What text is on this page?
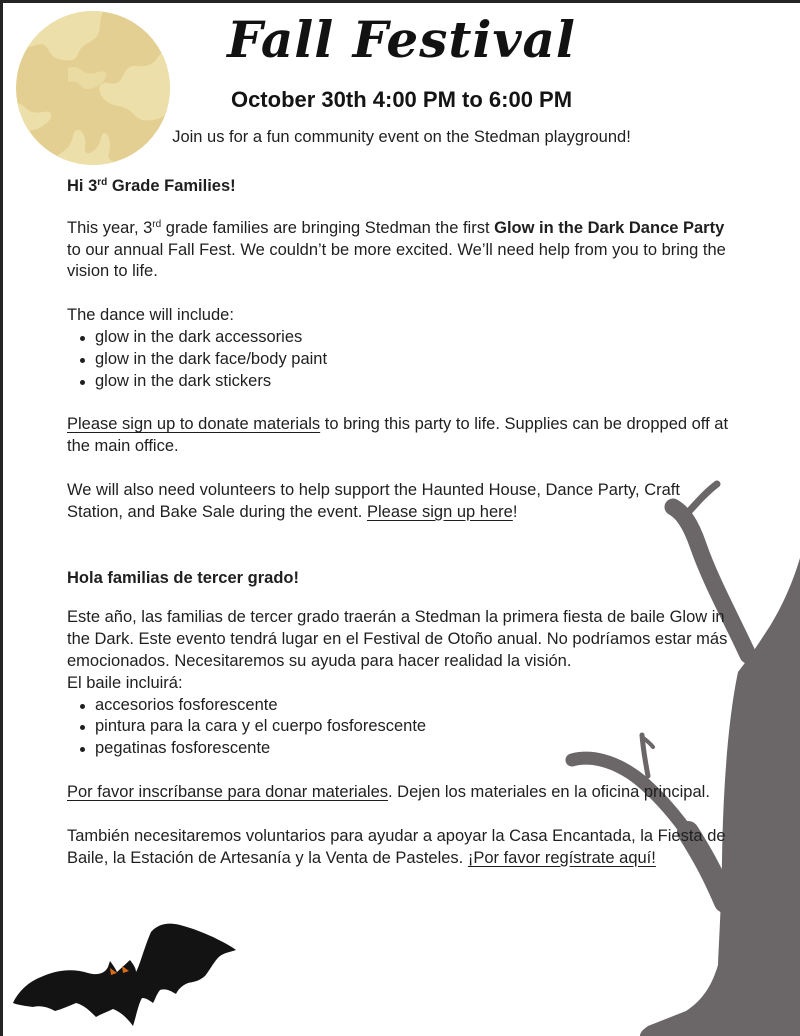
Fall Festival

October 30th 4:00 PM to 6:00 PM

Join us for a fun community event on the Stedman playground!

Hi 3rd Grade Families!

This year, 3rd grade families are bringing Stedman the first Glow in the Dark Dance Party to our annual Fall Fest. We couldn’t be more excited. We’ll need help from you to bring the vision to life.

The dance will include:

glow in the dark accessories
glow in the dark face/body paint
glow in the dark stickers

Please sign up to donate materials to bring this party to life. Supplies can be dropped off at the main office.

We will also need volunteers to help support the Haunted House, Dance Party, Craft Station, and Bake Sale during the event. Please sign up here!

Hola familias de tercer grado!

Este año, las familias de tercer grado traerán a Stedman la primera fiesta de baile Glow in the Dark. Este evento tendrá lugar en el Festival de Otoño anual. No podríamos estar más emocionados. Necesitaremos su ayuda para hacer realidad la visión.

El baile incluirá:

accesorios fosforescente
pintura para la cara y el cuerpo fosforescente
pegatinas fosforescente

Por favor inscríbanse para donar materiales. Dejen los materiales en la oficina principal.

También necesitaremos voluntarios para ayudar a apoyar la Casa Encantada, la Fiesta de Baile, la Estación de Artesanía y la Venta de Pasteles. ¡Por favor regístrate aquí!
